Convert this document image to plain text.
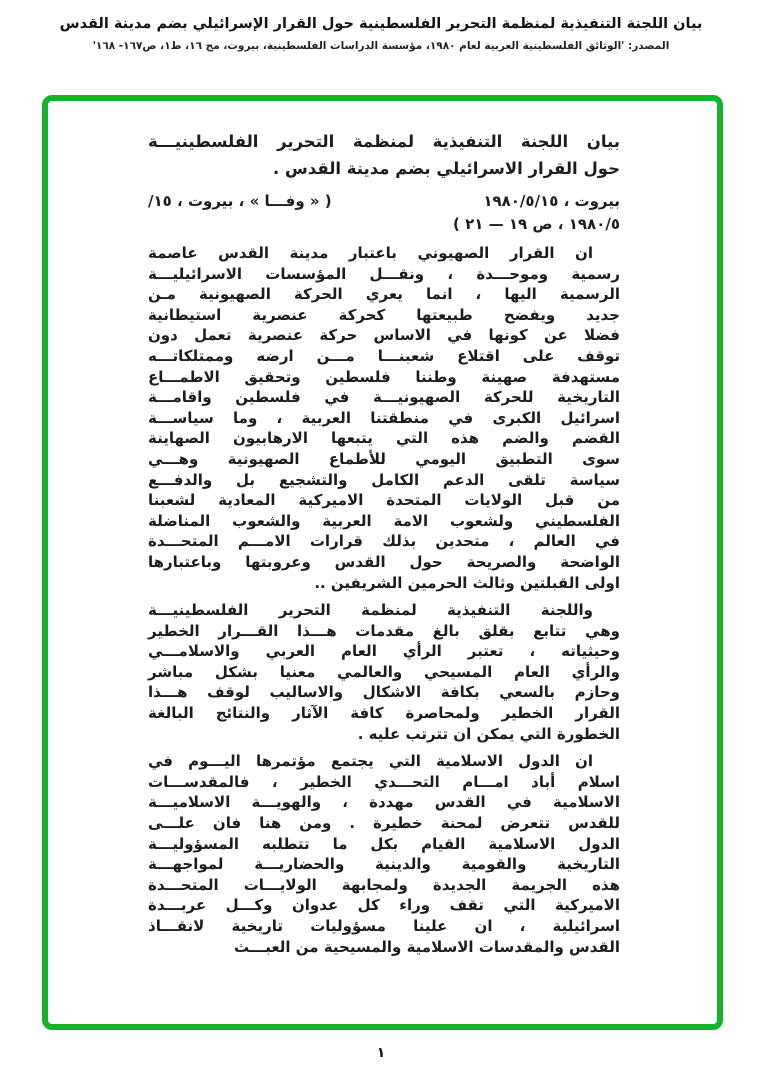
بيان اللجنة التنفيذية لمنظمة التحرير الفلسطينية حول القرار الإسرائيلي بضم مدينة القدس
المصدر: 'الوثائق الفلسطينية العربية لعام ١٩٨٠، مؤسسة الدراسات الفلسطينية، بيروت، مج ١٦، ط١، ص١٦٧- ١٦٨'
بيان اللجنة التنفيذية لمنظمة التحرير الفلسطينيـــة
حول القرار الاسرائيلي بضم مدينة القدس .
بيروت ، ١٩٨٠/٥/١٥
( « وفـــا » ، بيروت ، ١٥/
١٩٨٠/٥ ، ص ١٩ — ٢١ )
ان القرار الصهيوني باعتبار مدينة القدس عاصمة
رسمية وموحـــدة ، ونقـــل المؤسسات الاسرائيليـــة
الرسمية اليها ، انما يعري الحركة الصهيونية مـن
جديد ويفضح طبيعتها كحركة عنصرية استيطانية
فضلا عن كونها في الاساس حركة عنصرية تعمل دون
توقف على اقتلاع شعبنـــا مـــن ارضه وممتلكاتـــه
مستهدفة صهينة وطننا فلسطين وتحقيق الاطمـــاع
التاريخية للحركة الصهيونيـــة في فلسطين واقامـــة
اسرائيل الكبرى في منطقتنا العربية ، وما سياســـة
القضم والضم هذه التي يتبعها الارهابيون الصهاينة
سوى التطبيق اليومي للأطماع الصهيونية وهـــي
سياسة تلقى الدعم الكامل والتشجيع بل والدفـــع
من قبل الولايات المتحدة الاميركية المعادية لشعبنا
الفلسطيني ولشعوب الامة العربية والشعوب المناضلة
في العالم ، متحدين بذلك قرارات الامـــم المتحـــدة
الواضحة والصريحة حول القدس وعروبتها وباعتبارها
اولى القبلتين وثالث الحرمين الشريفين ..
واللجنة التنفيذية لمنظمة التحرير الفلسطينيـــة
وهي تتابع بقلق بالغ مقدمات هـــذا القـــرار الخطير
وحيثياته ، تعتبر الرأي العام العربي والاسلامـــي
والرأي العام المسيحي والعالمي معنيا بشكل مباشر
وحازم بالسعي بكافة الاشكال والاساليب لوقف هـــذا
القرار الخطير ولمحاصرة كافة الآثار والنتائج البالغة
الخطورة التي يمكن ان تترتب عليه .
ان الدول الاسلامية التي يجتمع مؤتمرها اليـــوم في
اسلام أباد امـــام التحـــدي الخطير ، فالمقدســـات
الاسلامية في القدس مهددة ، والهويـــة الاسلاميـــة
للقدس تتعرض لمحنة خطيرة . ومن هنا فان علـــى
الدول الاسلامية القيام بكل ما تتطلبه المسؤوليـــة
التاريخية والقومية والدينية والحضاريـــة لمواجهـــة
هذه الجريمة الجديدة ولمجابهة الولايـــات المتحـــدة
الاميركية التي تقف وراء كل عدوان وكـــل عربـــدة
اسرائيلية ، ان علينا مسؤوليات تاريخية لانقـــاذ
القدس والمقدسات الاسلامية والمسيحية من العبـــث
١
